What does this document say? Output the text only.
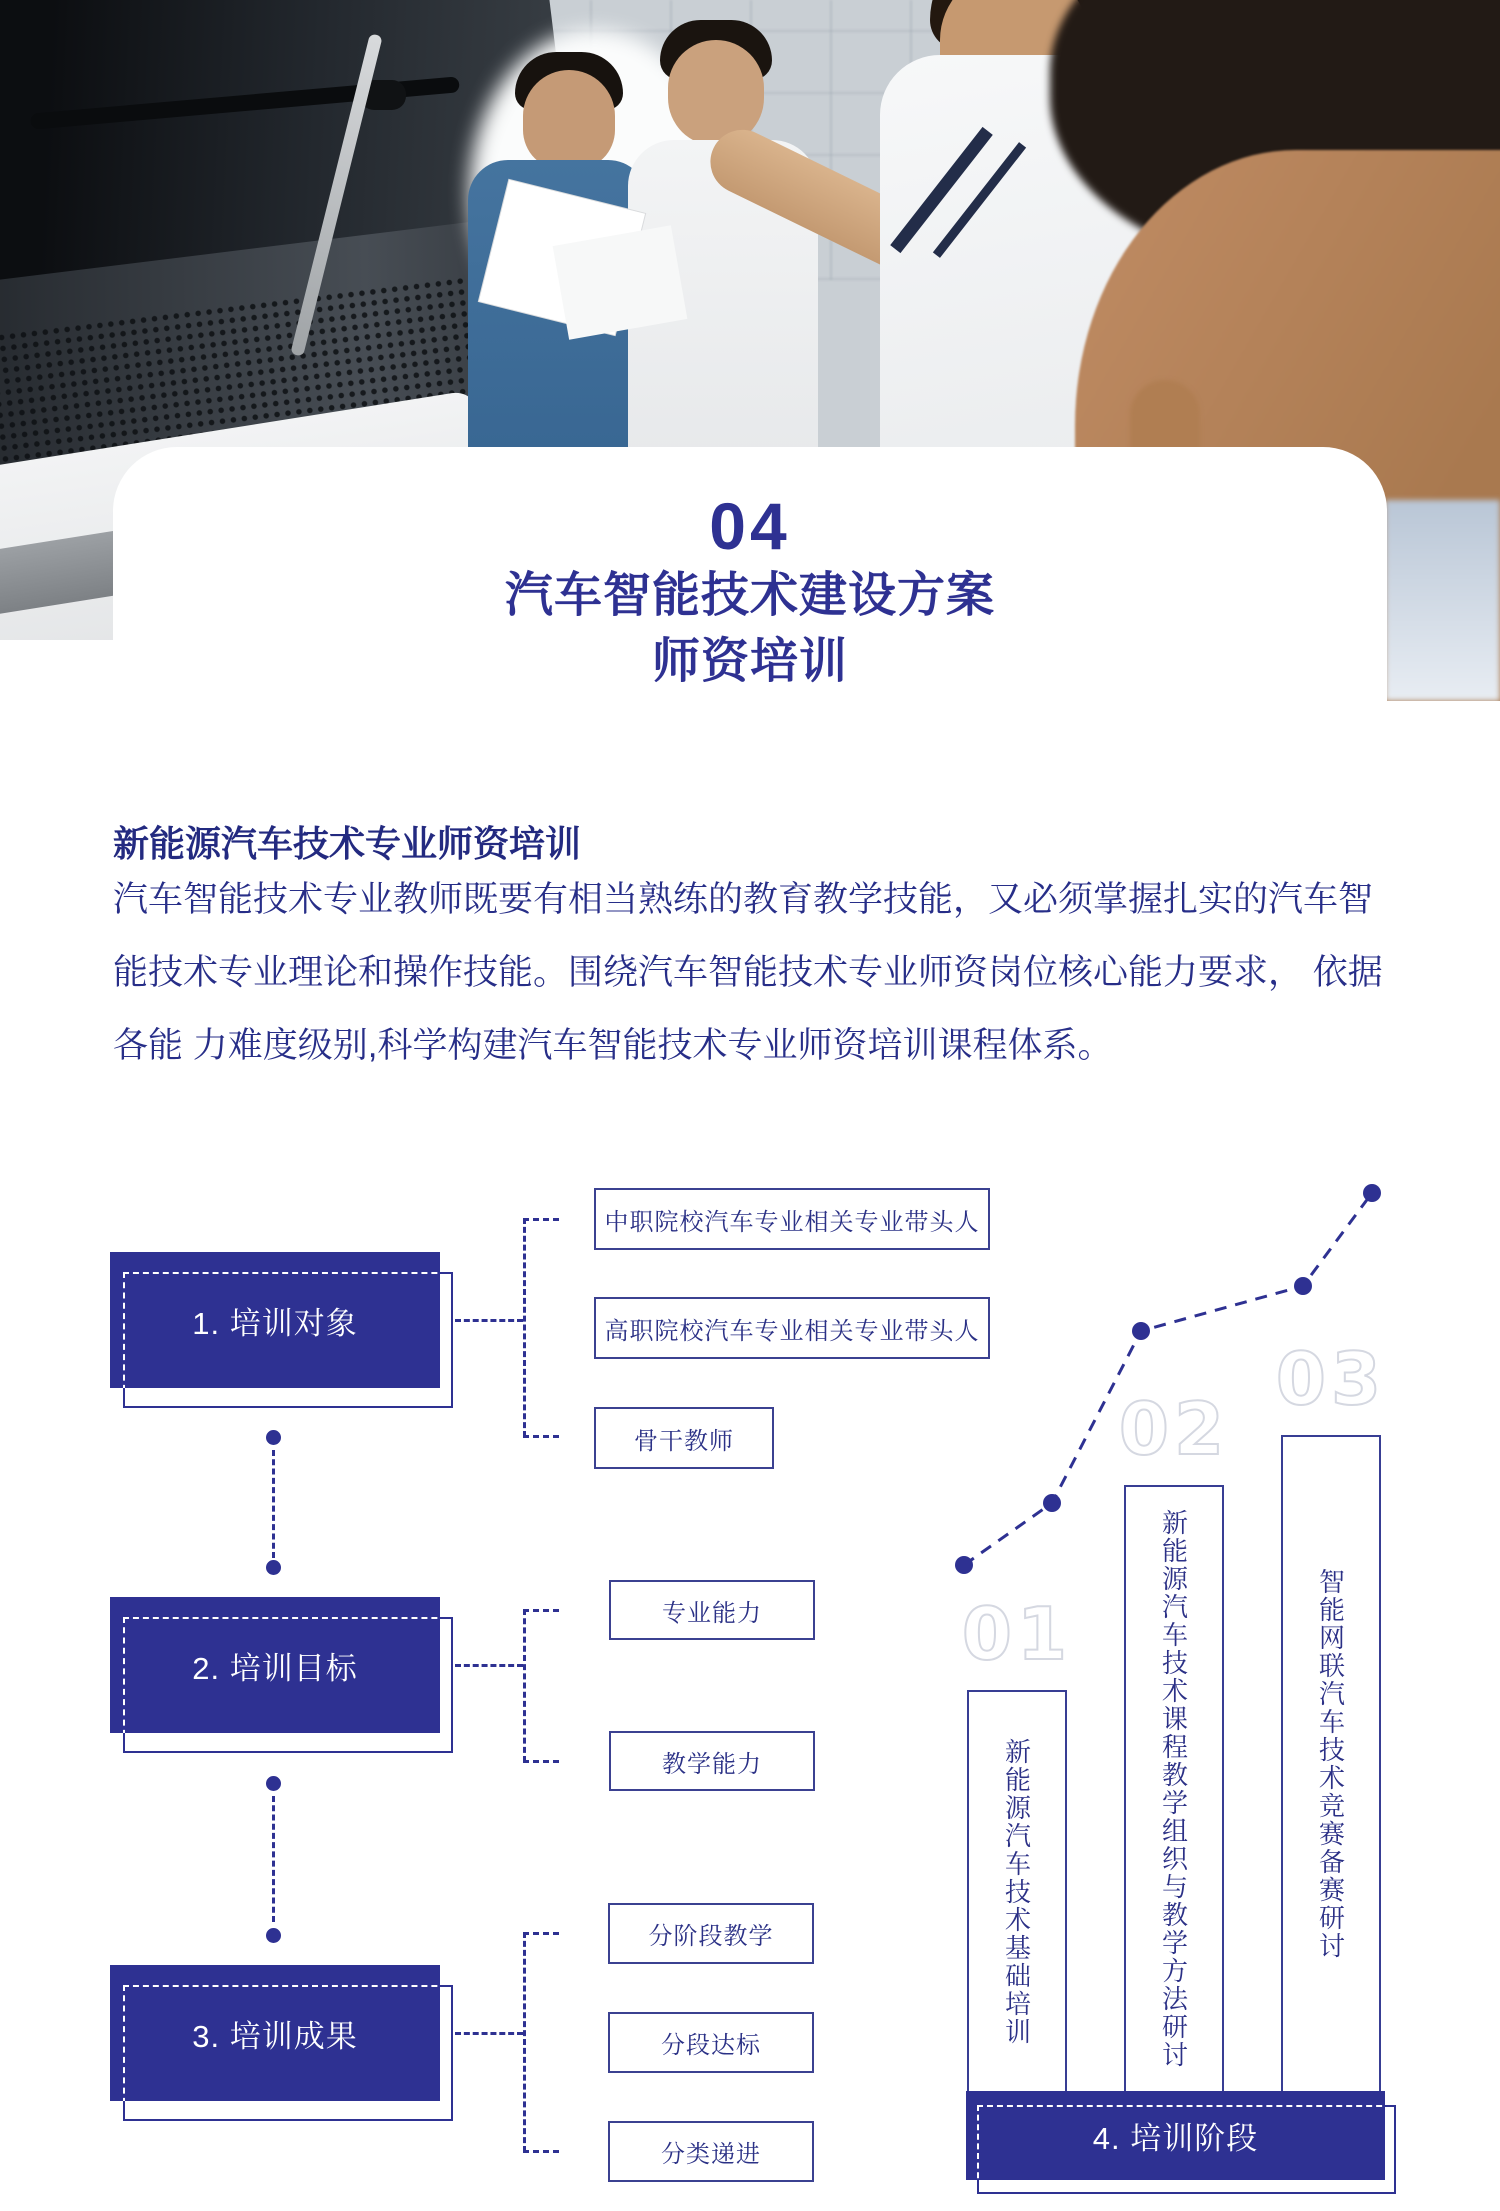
04
汽车智能技术建设方案
师资培训
新能源汽车技术专业师资培训
汽车智能技术专业教师既要有相当熟练的教育教学技能，又必须掌握扎实的汽车智
能技术专业理论和操作技能。围绕汽车智能技术专业师资岗位核心能力要求， 依据
各能 力难度级别,科学构建汽车智能技术专业师资培训课程体系。
1. 培训对象
2. 培训目标
3. 培训成果
中职院校汽车专业相关专业带头人
高职院校汽车专业相关专业带头人
骨干教师
专业能力
教学能力
分阶段教学
分段达标
分类递进
01
02
03
新能源汽车技术基础培训	新能源汽车技术课程教学组织与教学方法研讨	智能网联汽车技术竞赛备赛研讨
4. 培训阶段
